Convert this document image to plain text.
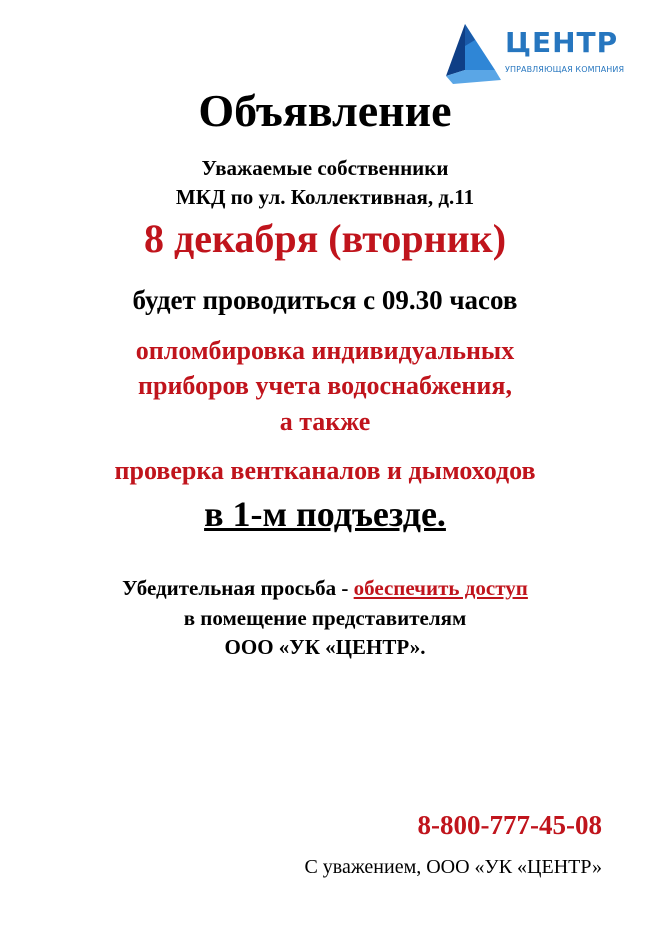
ЦЕНТР
УПРАВЛЯЮЩАЯ КОМПАНИЯ
Объявление
Уважаемые собственники
МКД по ул. Коллективная, д.11
8 декабря (вторник)
будет проводиться с 09.30 часов
опломбировка индивидуальных
приборов учета водоснабжения,
а также
проверка вентканалов и дымоходов
в 1-м подъезде.
Убедительная просьба - обеспечить доступ
в помещение представителям
ООО «УК «ЦЕНТР».
8-800-777-45-08
С уважением, ООО «УК «ЦЕНТР»
